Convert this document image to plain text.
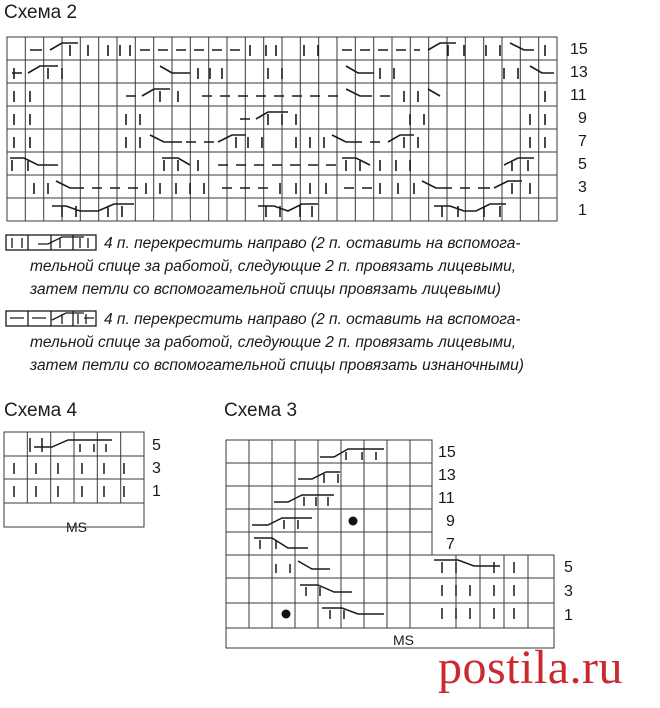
Схема 2
Схема 4	Схема 3

4 п. перекрестить направо (2 п. оставить на вспомога-

тельной спице за работой, следующие 2 п. провязать лицевыми,

затем петли со вспомогательной спицы провязать лицевыми)

4 п. перекрестить направо (2 п. оставить на вспомога-

тельной спице за работой, следующие 2 п. провязать лицевыми,

затем петли со вспомогательной спицы провязать изнаночными)

postila.ru
15
13
11
9
7
5
3
1
MS
5
3
1
MS
15
13
11
9
7
5
3
1
